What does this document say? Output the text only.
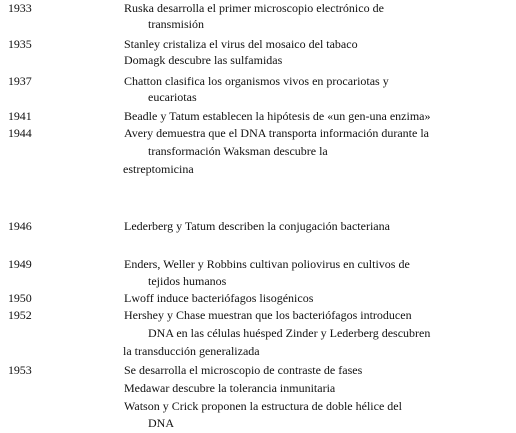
1933	Ruska desarrolla el primer microscopio electrónico de
transmisión
1935	Stanley cristaliza el virus del mosaico del tabaco
Domagk descubre las sulfamidas
1937	Chatton clasifica los organismos vivos en procariotas y
eucariotas
1941	Beadle y Tatum establecen la hipótesis de «un gen-una enzima»
1944	Avery demuestra que el DNA transporta información durante la
transformación Waksman descubre la
estreptomicina
1946	Lederberg y Tatum describen la conjugación bacteriana
1949	Enders, Weller y Robbins cultivan poliovirus en cultivos de
tejidos humanos
1950	Lwoff induce bacteriófagos lisogénicos
1952	Hershey y Chase muestran que los bacteriófagos introducen
DNA en las células huésped Zinder y Lederberg descubren
la transducción generalizada
1953	Se desarrolla el microscopio de contraste de fases
Medawar descubre la tolerancia inmunitaria
Watson y Crick proponen la estructura de doble hélice del
DNA
